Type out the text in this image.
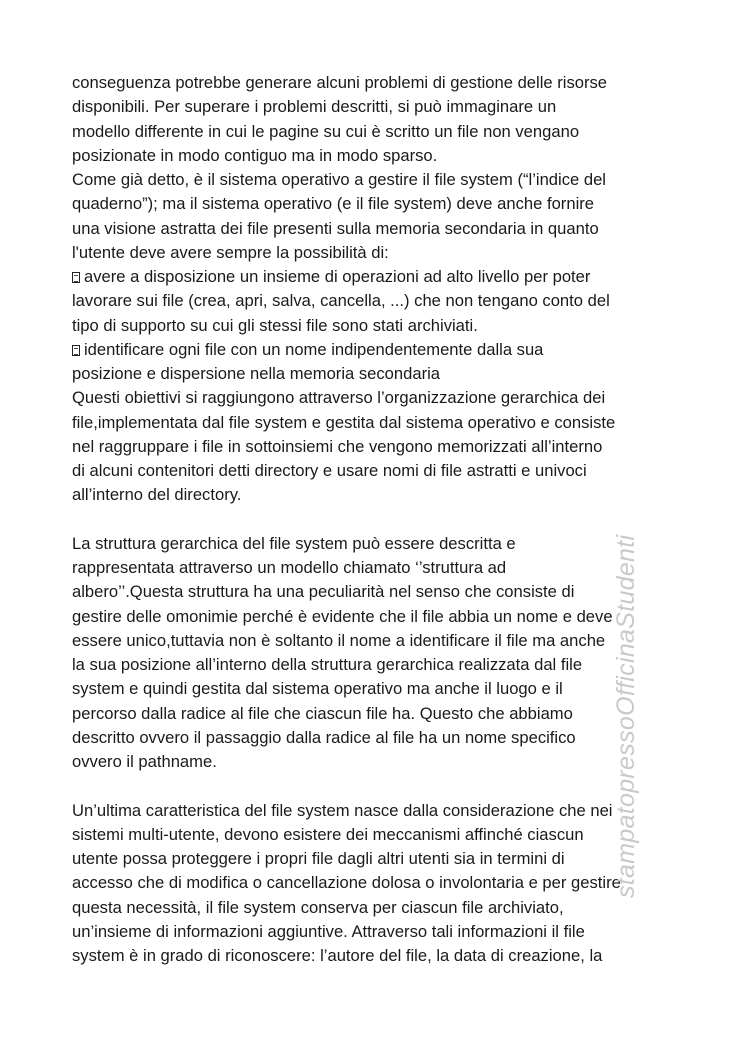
conseguenza potrebbe generare alcuni problemi di gestione delle risorse
disponibili. Per superare i problemi descritti, si può immaginare un
modello differente in cui le pagine su cui è scritto un file non vengano
posizionate in modo contiguo ma in modo sparso.
Come già detto, è il sistema operativo a gestire il file system (“l’indice del
quaderno”); ma il sistema operativo (e il file system) deve anche fornire
una visione astratta dei file presenti sulla memoria secondaria in quanto
l'utente deve avere sempre la possibilità di:
avere a disposizione un insieme di operazioni ad alto livello per poter
lavorare sui file (crea, apri, salva, cancella, ...) che non tengano conto del
tipo di supporto su cui gli stessi file sono stati archiviati.
identificare ogni file con un nome indipendentemente dalla sua
posizione e dispersione nella memoria secondaria
Questi obiettivi si raggiungono attraverso l’organizzazione gerarchica dei
file,implementata dal file system e gestita dal sistema operativo e consiste
nel raggruppare i file in sottoinsiemi che vengono memorizzati all’interno
di alcuni contenitori detti directory e usare nomi di file astratti e univoci
all’interno del directory.
La struttura gerarchica del file system può essere descritta e
rappresentata attraverso un modello chiamato ‘’struttura ad
albero’’.Questa struttura ha una peculiarità nel senso che consiste di
gestire delle omonimie perché è evidente che il file abbia un nome e deve
essere unico,tuttavia non è soltanto il nome a identificare il file ma anche
la sua posizione all’interno della struttura gerarchica realizzata dal file
system e quindi gestita dal sistema operativo ma anche il luogo e il
percorso dalla radice al file che ciascun file ha. Questo che abbiamo
descritto ovvero il passaggio dalla radice al file ha un nome specifico
ovvero il pathname.
Un’ultima caratteristica del file system nasce dalla considerazione che nei
sistemi multi-utente, devono esistere dei meccanismi affinché ciascun
utente possa proteggere i propri file dagli altri utenti sia in termini di
accesso che di modifica o cancellazione dolosa o involontaria e per gestire
questa necessità, il file system conserva per ciascun file archiviato,
un’insieme di informazioni aggiuntive. Attraverso tali informazioni il file
system è in grado di riconoscere: l’autore del file, la data di creazione, la
stampatopressoOfficinaStudenti
